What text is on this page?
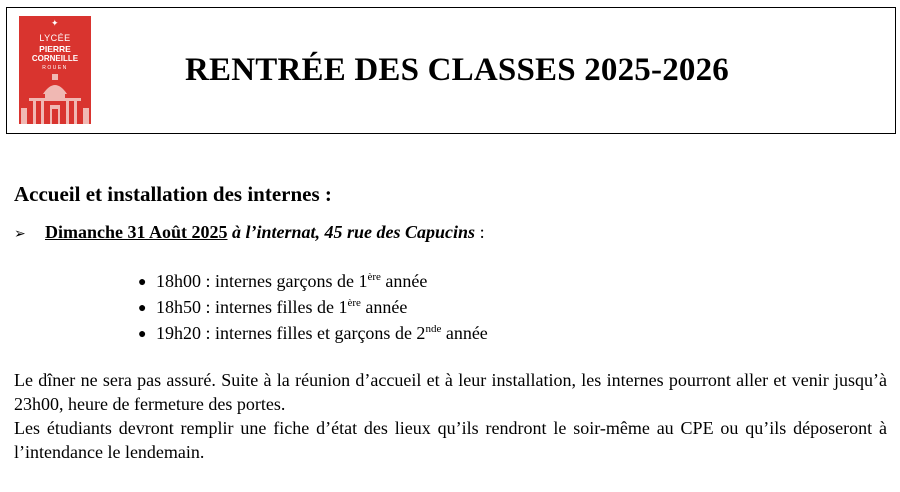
✦
LYCÉE
PIERRE
CORNEILLE
ROUEN	RENTRÉE DES CLASSES 2025-2026
Accueil et installation des internes :
➢ Dimanche 31 Août 2025 à l’internat, 45 rue des Capucins :
● 18h00 : internes garçons de 1ère année
● 18h50 : internes filles de 1ère année
● 19h20 : internes filles et garçons de 2nde année

Le dîner ne sera pas assuré. Suite à la réunion d’accueil et à leur installation, les internes pourront aller et venir jusqu’à 23h00, heure de fermeture des portes.

Les étudiants devront remplir une fiche d’état des lieux qu’ils rendront le soir-même au CPE ou qu’ils déposeront à l’intendance le lendemain.
